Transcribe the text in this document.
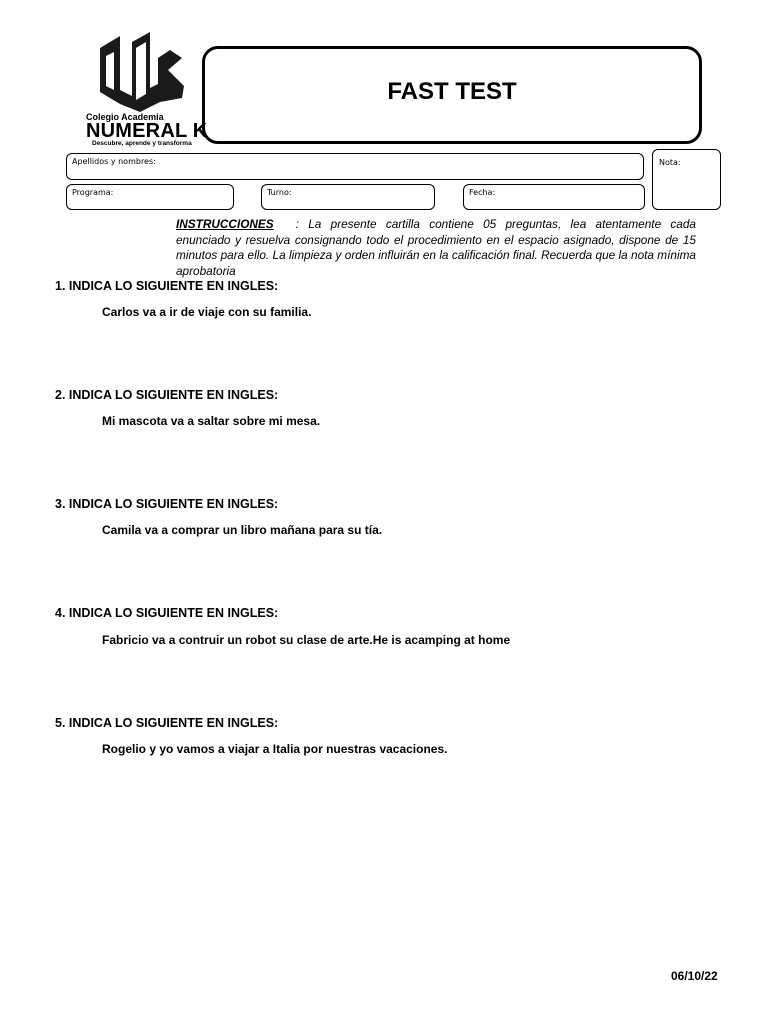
Colegio Academia
NUMERAL K
Descubre, aprende y transforma
FAST TEST
Apellidos y nombres:
Programa:	Turno:	Fecha:
Nota:
INSTRUCCIONES : La presente cartilla contiene 05 preguntas, lea atentamente cada enunciado y resuelva consignando todo el procedimiento en el espacio asignado, dispone de 15 minutos para ello. La limpieza y orden influirán en la calificación final. Recuerda que la nota mínima aprobatoria
1. INDICA LO SIGUIENTE EN INGLES:
Carlos va a ir de viaje con su familia.
2. INDICA LO SIGUIENTE EN INGLES:
Mi mascota va a saltar sobre mi mesa.
3. INDICA LO SIGUIENTE EN INGLES:
Camila va a comprar un libro mañana para su tía.
4. INDICA LO SIGUIENTE EN INGLES:
Fabricio va a contruir un robot su clase de arte.He is acamping at home
5. INDICA LO SIGUIENTE EN INGLES:
Rogelio y yo vamos a viajar a Italia por nuestras vacaciones.
06/10/22
